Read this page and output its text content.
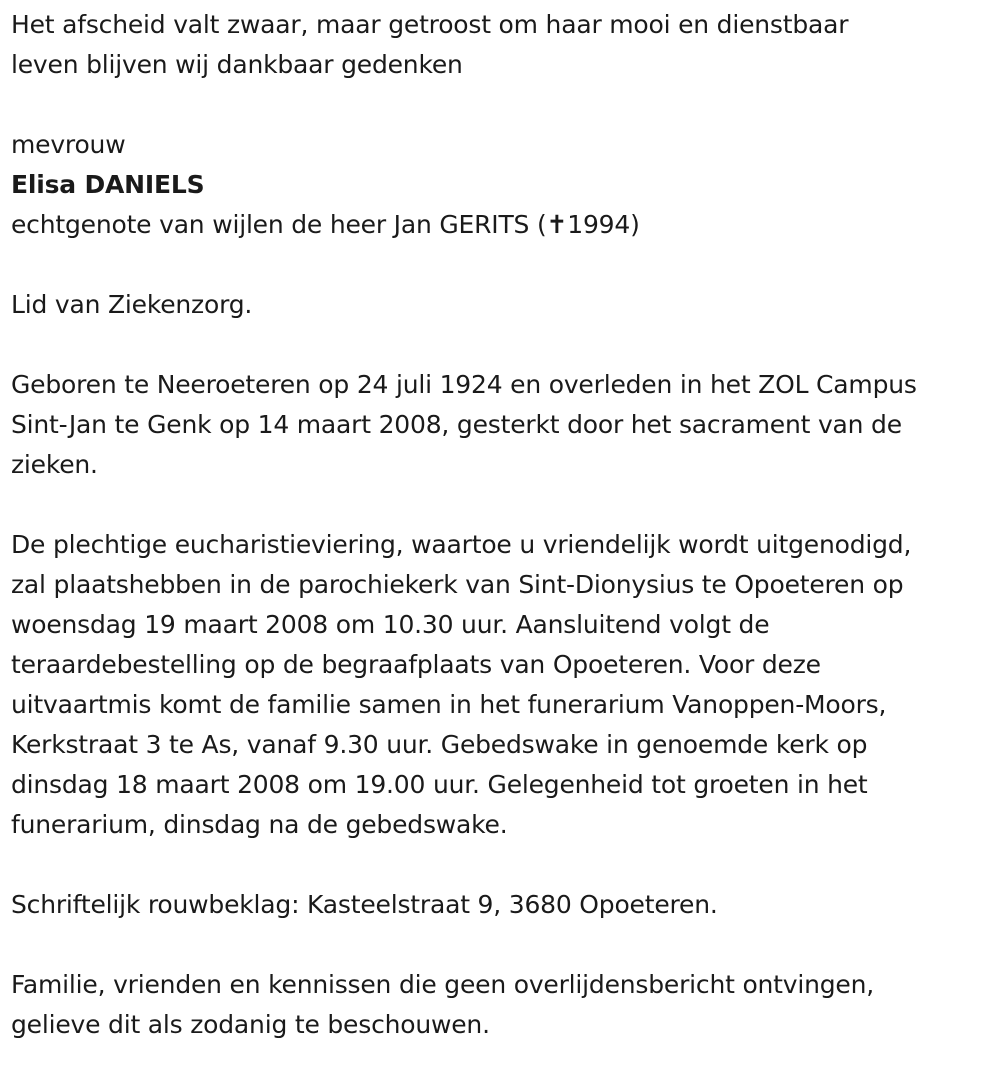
Het afscheid valt zwaar, maar getroost om haar mooi en dienstbaar
leven blijven wij dankbaar gedenken

mevrouw

Elisa DANIELS

echtgenote van wijlen de heer Jan GERITS (✝1994)

Lid van Ziekenzorg.

Geboren te Neeroeteren op 24 juli 1924 en overleden in het ZOL Campus
Sint-Jan te Genk op 14 maart 2008, gesterkt door het sacrament van de
zieken.

De plechtige eucharistieviering, waartoe u vriendelijk wordt uitgenodigd,
zal plaatshebben in de parochiekerk van Sint-Dionysius te Opoeteren op
woensdag 19 maart 2008 om 10.30 uur. Aansluitend volgt de
teraardebestelling op de begraafplaats van Opoeteren. Voor deze
uitvaartmis komt de familie samen in het funerarium Vanoppen-Moors,
Kerkstraat 3 te As, vanaf 9.30 uur. Gebedswake in genoemde kerk op
dinsdag 18 maart 2008 om 19.00 uur. Gelegenheid tot groeten in het
funerarium, dinsdag na de gebedswake.

Schriftelijk rouwbeklag: Kasteelstraat 9, 3680 Opoeteren.

Familie, vrienden en kennissen die geen overlijdensbericht ontvingen,
gelieve dit als zodanig te beschouwen.
